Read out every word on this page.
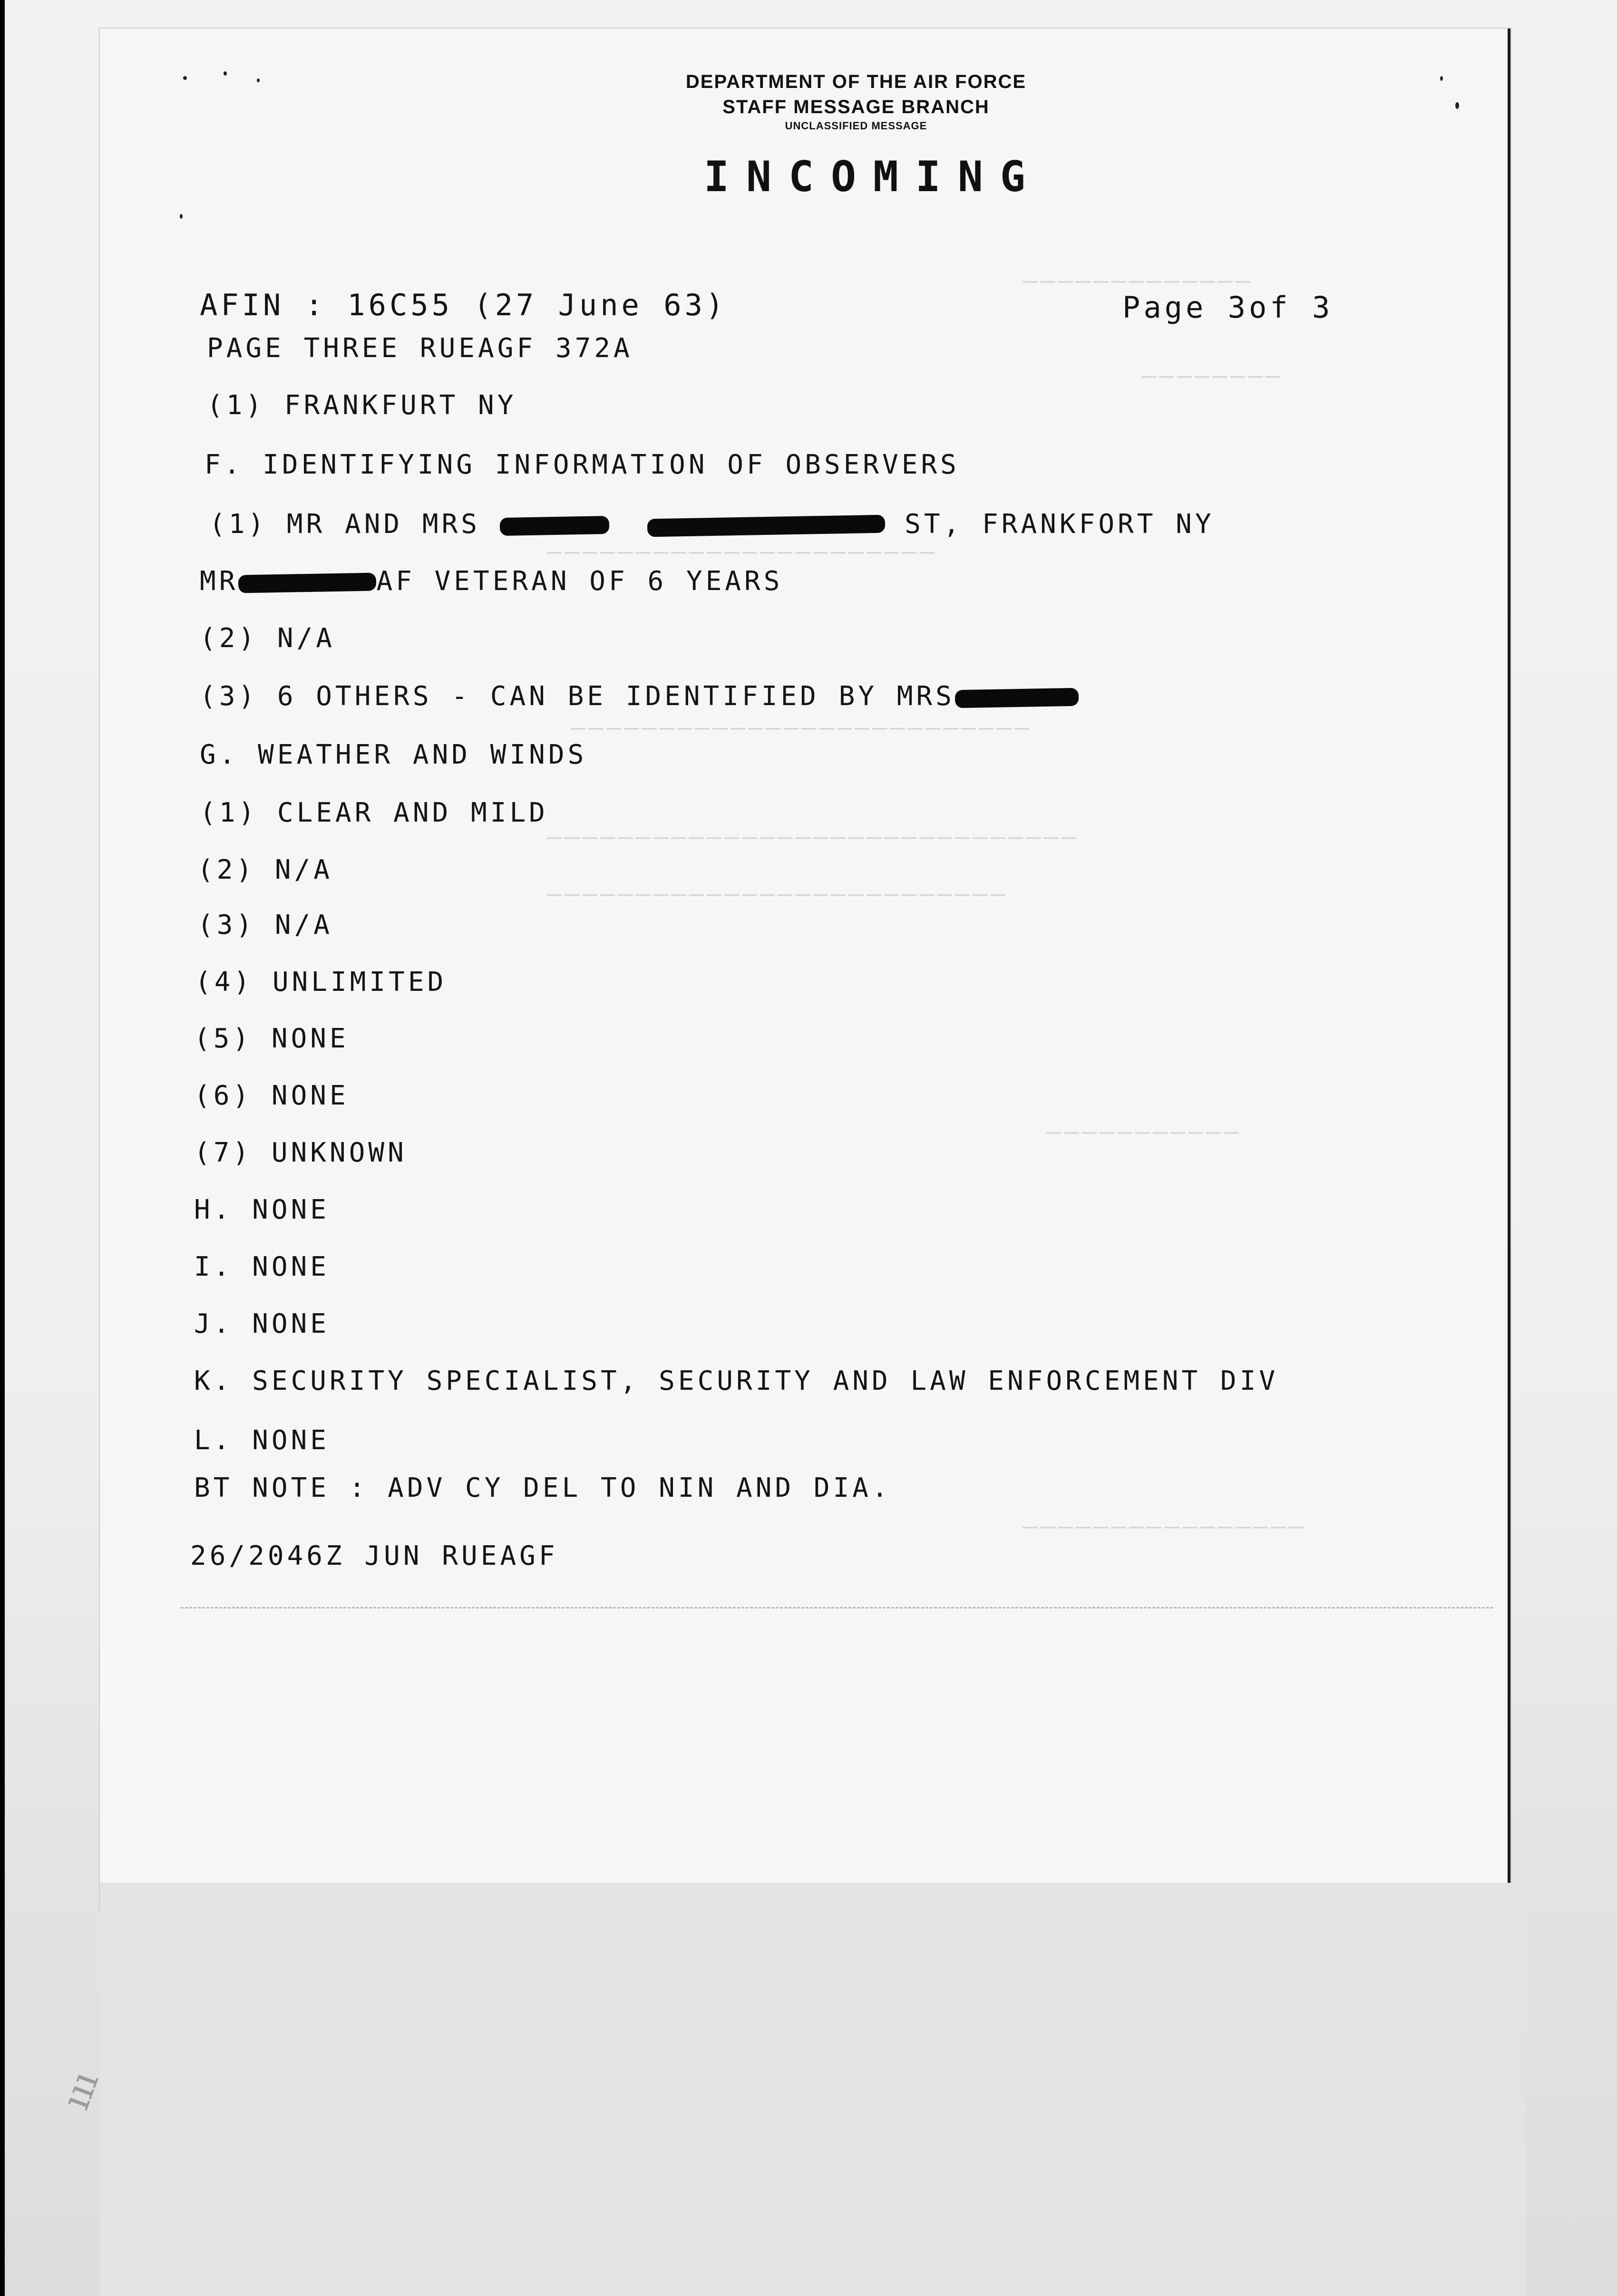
―――――――――――――
――――――――
――――――――――――――――――――――
――――――――――――――――――――――――――
――――――――――――――――――――――――――――――
――――――――――――――――――――――――――
―――――――――――
――――――――――――――――
DEPARTMENT OF THE AIR FORCE
STAFF MESSAGE BRANCH
UNCLASSIFIED MESSAGE
INCOMING
AFIN : 16C55 (27 June 63)	Page 3of 3
PAGE THREE RUEAGF 372A
(1) FRANKFURT NY
F. IDENTIFYING INFORMATION OF OBSERVERS
(1) MR AND MRS	ST, FRANKFORT NY
MR	AF VETERAN OF 6 YEARS
(2) N/A
(3) 6 OTHERS - CAN BE IDENTIFIED BY MRS
G. WEATHER AND WINDS
(1) CLEAR AND MILD
(2) N/A
(3) N/A
(4) UNLIMITED
(5) NONE
(6) NONE
(7) UNKNOWN
H. NONE
I. NONE
J. NONE
K. SECURITY SPECIALIST, SECURITY AND LAW ENFORCEMENT DIV
L. NONE
BT NOTE : ADV CY DEL TO NIN AND DIA.
26/2046Z JUN RUEAGF
ııı
